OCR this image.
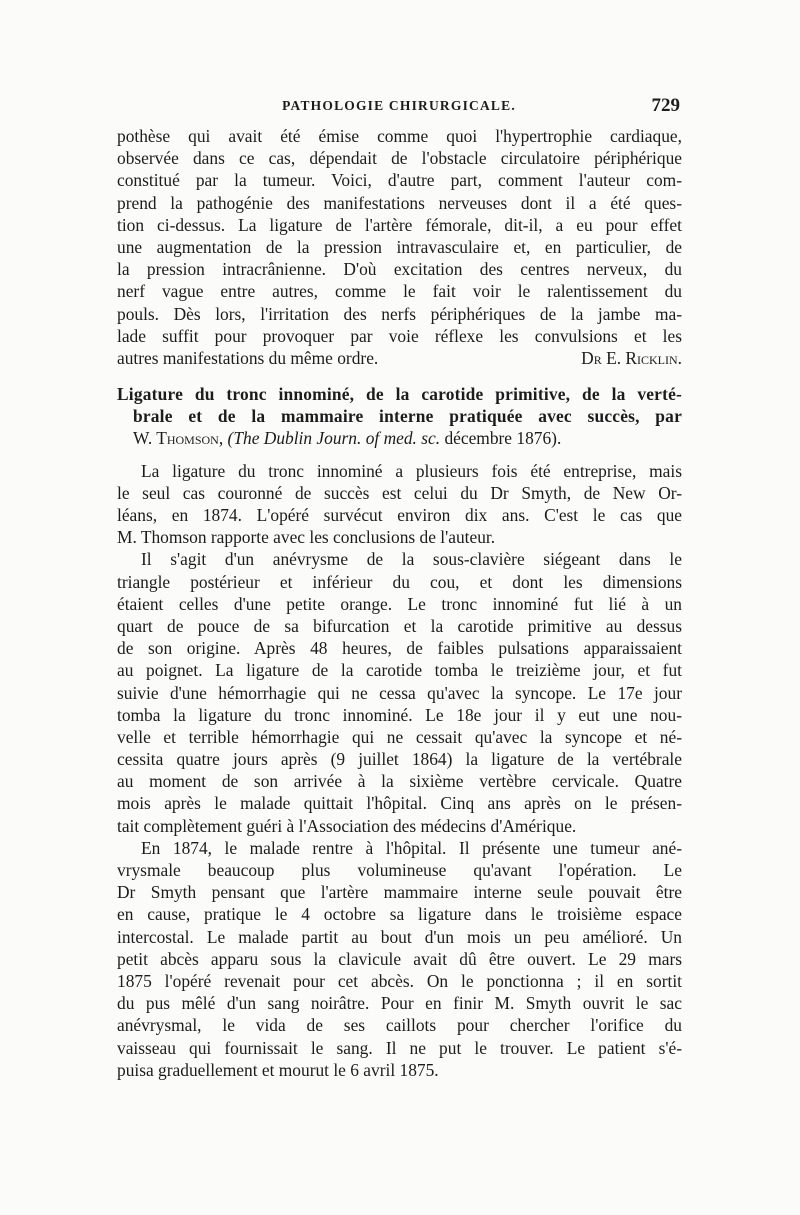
PATHOLOGIE CHIRURGICALE.	729
pothèse qui avait été émise comme quoi l'hypertrophie cardiaque,
observée dans ce cas, dépendait de l'obstacle circulatoire périphérique
constitué par la tumeur. Voici, d'autre part, comment l'auteur com-
prend la pathogénie des manifestations nerveuses dont il a été ques-
tion ci-dessus. La ligature de l'artère fémorale, dit-il, a eu pour effet
une augmentation de la pression intravasculaire et, en particulier, de
la pression intracrânienne. D'où excitation des centres nerveux, du
nerf vague entre autres, comme le fait voir le ralentissement du
pouls. Dès lors, l'irritation des nerfs périphériques de la jambe ma-
lade suffit pour provoquer par voie réflexe les convulsions et les
autres manifestations du même ordre.	Dr E. Ricklin.
Ligature du tronc innominé, de la carotide primitive, de la verté-
brale et de la mammaire interne pratiquée avec succès, par
W. Thomson, (The Dublin Journ. of med. sc. décembre 1876).
La ligature du tronc innominé a plusieurs fois été entreprise, mais
le seul cas couronné de succès est celui du Dr Smyth, de New Or-
léans, en 1874. L'opéré survécut environ dix ans. C'est le cas que
M. Thomson rapporte avec les conclusions de l'auteur.
Il s'agit d'un anévrysme de la sous-clavière siégeant dans le
triangle postérieur et inférieur du cou, et dont les dimensions
étaient celles d'une petite orange. Le tronc innominé fut lié à un
quart de pouce de sa bifurcation et la carotide primitive au dessus
de son origine. Après 48 heures, de faibles pulsations apparaissaient
au poignet. La ligature de la carotide tomba le treizième jour, et fut
suivie d'une hémorrhagie qui ne cessa qu'avec la syncope. Le 17e jour
tomba la ligature du tronc innominé. Le 18e jour il y eut une nou-
velle et terrible hémorrhagie qui ne cessait qu'avec la syncope et né-
cessita quatre jours après (9 juillet 1864) la ligature de la vertébrale
au moment de son arrivée à la sixième vertèbre cervicale. Quatre
mois après le malade quittait l'hôpital. Cinq ans après on le présen-
tait complètement guéri à l'Association des médecins d'Amérique.
En 1874, le malade rentre à l'hôpital. Il présente une tumeur ané-
vrysmale beaucoup plus volumineuse qu'avant l'opération. Le
Dr Smyth pensant que l'artère mammaire interne seule pouvait être
en cause, pratique le 4 octobre sa ligature dans le troisième espace
intercostal. Le malade partit au bout d'un mois un peu amélioré. Un
petit abcès apparu sous la clavicule avait dû être ouvert. Le 29 mars
1875 l'opéré revenait pour cet abcès. On le ponctionna ; il en sortit
du pus mêlé d'un sang noirâtre. Pour en finir M. Smyth ouvrit le sac
anévrysmal, le vida de ses caillots pour chercher l'orifice du
vaisseau qui fournissait le sang. Il ne put le trouver. Le patient s'é-
puisa graduellement et mourut le 6 avril 1875.
